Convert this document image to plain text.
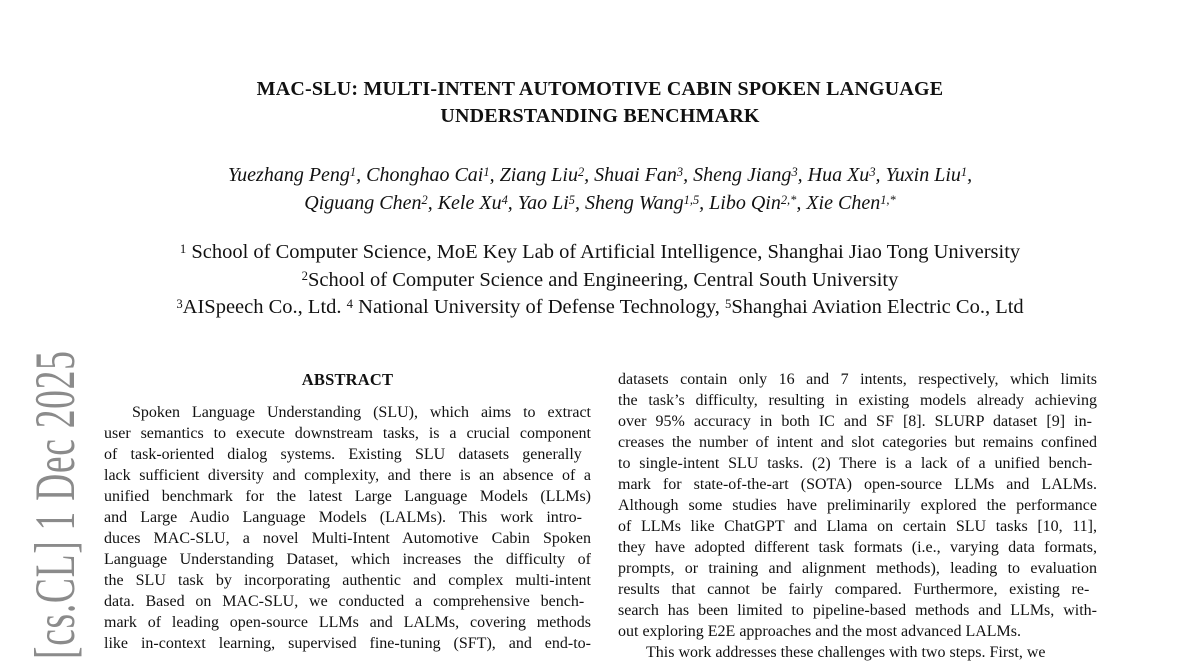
[cs.CL] 1 Dec 2025
MAC-SLU: MULTI-INTENT AUTOMOTIVE CABIN SPOKEN LANGUAGE
UNDERSTANDING BENCHMARK
Yuezhang Peng$^1$, Chonghao Cai$^1$, Ziang Liu$^2$, Shuai Fan$^3$, Sheng Jiang$^3$, Hua Xu$^3$, Yuxin Liu$^1$,
Qiguang Chen$^2$, Kele Xu$^4$, Yao Li$^5$, Sheng Wang$^{1,5}$, Libo Qin$^{2,*}$, Xie Chen$^{1,*}$
$^1$ School of Computer Science, MoE Key Lab of Artificial Intelligence, Shanghai Jiao Tong University
$^2$School of Computer Science and Engineering, Central South University
$^3$AISpeech Co., Ltd. $^4$ National University of Defense Technology, $^5$Shanghai Aviation Electric Co., Ltd
ABSTRACT
Spoken Language Understanding (SLU), which aims to extract
user semantics to execute downstream tasks, is a crucial component
of task-oriented dialog systems. Existing SLU datasets generally
lack sufficient diversity and complexity, and there is an absence of a
unified benchmark for the latest Large Language Models (LLMs)
and Large Audio Language Models (LALMs). This work intro-
duces MAC-SLU, a novel Multi-Intent Automotive Cabin Spoken
Language Understanding Dataset, which increases the difficulty of
the SLU task by incorporating authentic and complex multi-intent
data. Based on MAC-SLU, we conducted a comprehensive bench-
mark of leading open-source LLMs and LALMs, covering methods
like in-context learning, supervised fine-tuning (SFT), and end-to-
datasets contain only 16 and 7 intents, respectively, which limits
the task’s difficulty, resulting in existing models already achieving
over 95% accuracy in both IC and SF [8]. SLURP dataset [9] in-
creases the number of intent and slot categories but remains confined
to single-intent SLU tasks. (2) There is a lack of a unified bench-
mark for state-of-the-art (SOTA) open-source LLMs and LALMs.
Although some studies have preliminarily explored the performance
of LLMs like ChatGPT and Llama on certain SLU tasks [10, 11],
they have adopted different task formats (i.e., varying data formats,
prompts, or training and alignment methods), leading to evaluation
results that cannot be fairly compared. Furthermore, existing re-
search has been limited to pipeline-based methods and LLMs, with-
out exploring E2E approaches and the most advanced LALMs.
This work addresses these challenges with two steps. First, we
